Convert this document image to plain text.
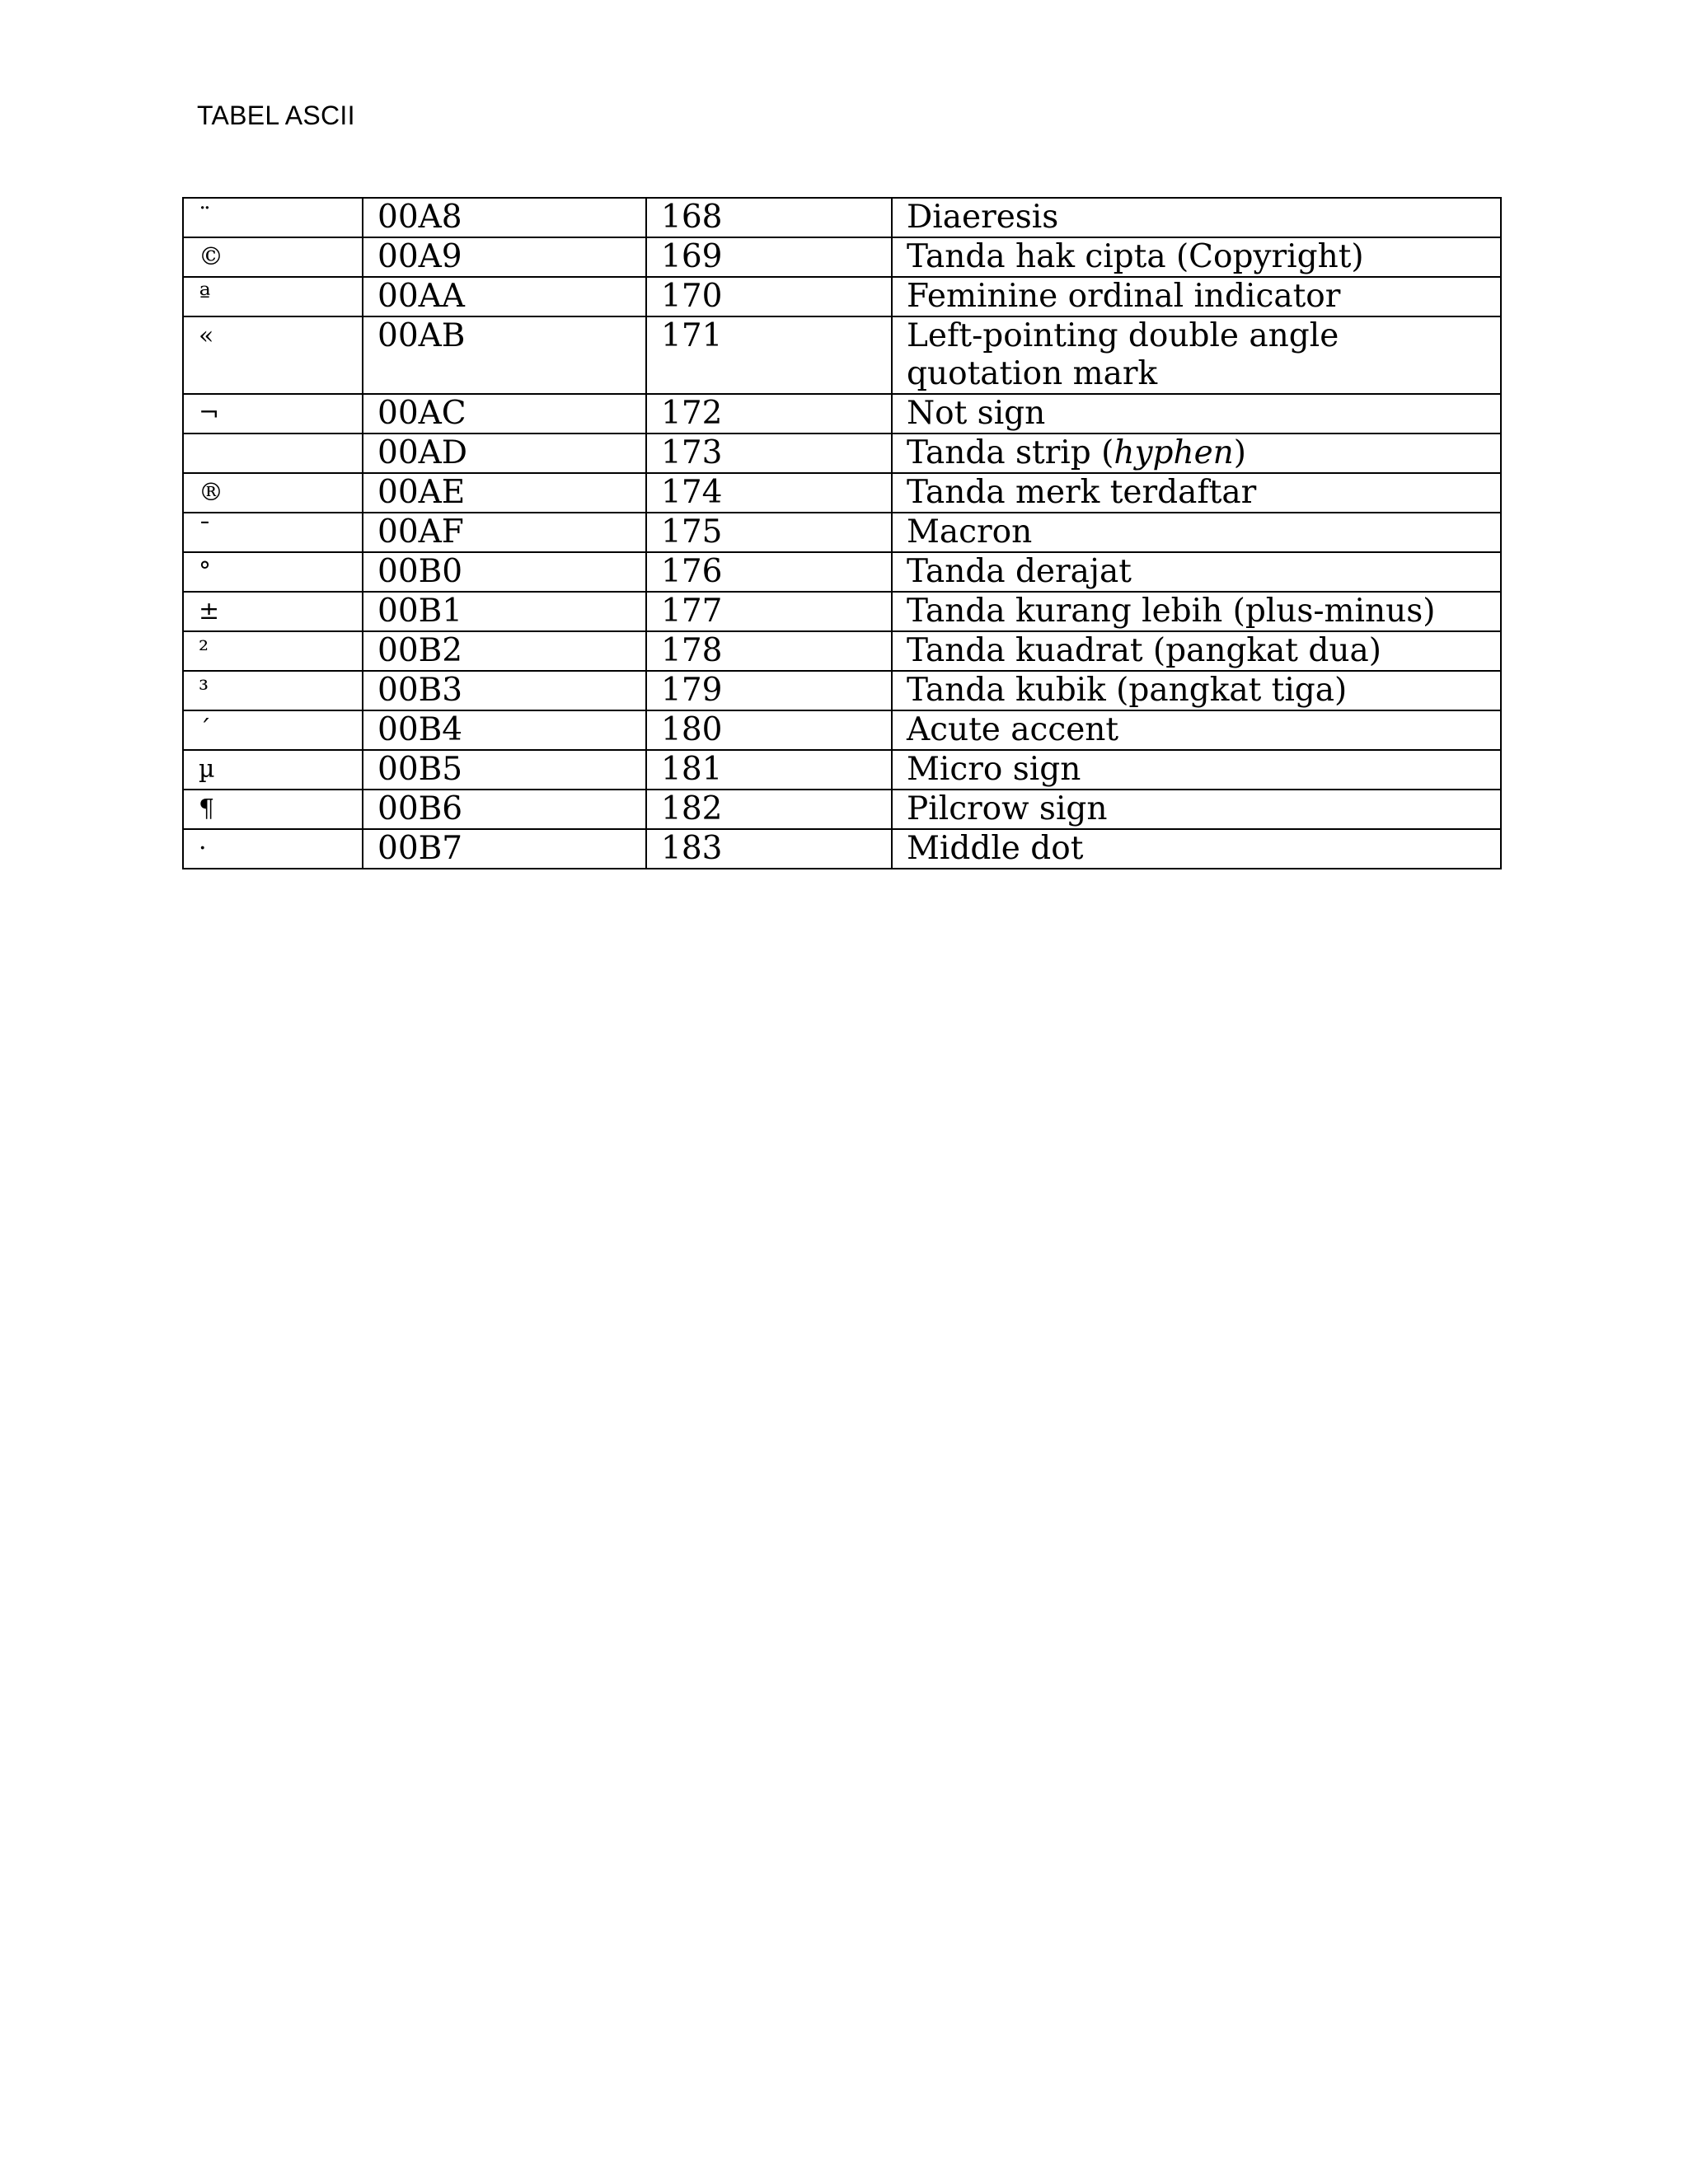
TABEL ASCII
¨	00A8	168	Diaeresis
©	00A9	169	Tanda hak cipta (Copyright)
ª	00AA	170	Feminine ordinal indicator
«	00AB	171	Left-pointing double angle
quotation mark
¬	00AC	172	Not sign
	00AD	173	Tanda strip (hyphen)
®	00AE	174	Tanda merk terdaftar
¯	00AF	175	Macron
°	00B0	176	Tanda derajat
±	00B1	177	Tanda kurang lebih (plus-minus)
²	00B2	178	Tanda kuadrat (pangkat dua)
³	00B3	179	Tanda kubik (pangkat tiga)
´	00B4	180	Acute accent
µ	00B5	181	Micro sign
¶	00B6	182	Pilcrow sign
·	00B7	183	Middle dot
